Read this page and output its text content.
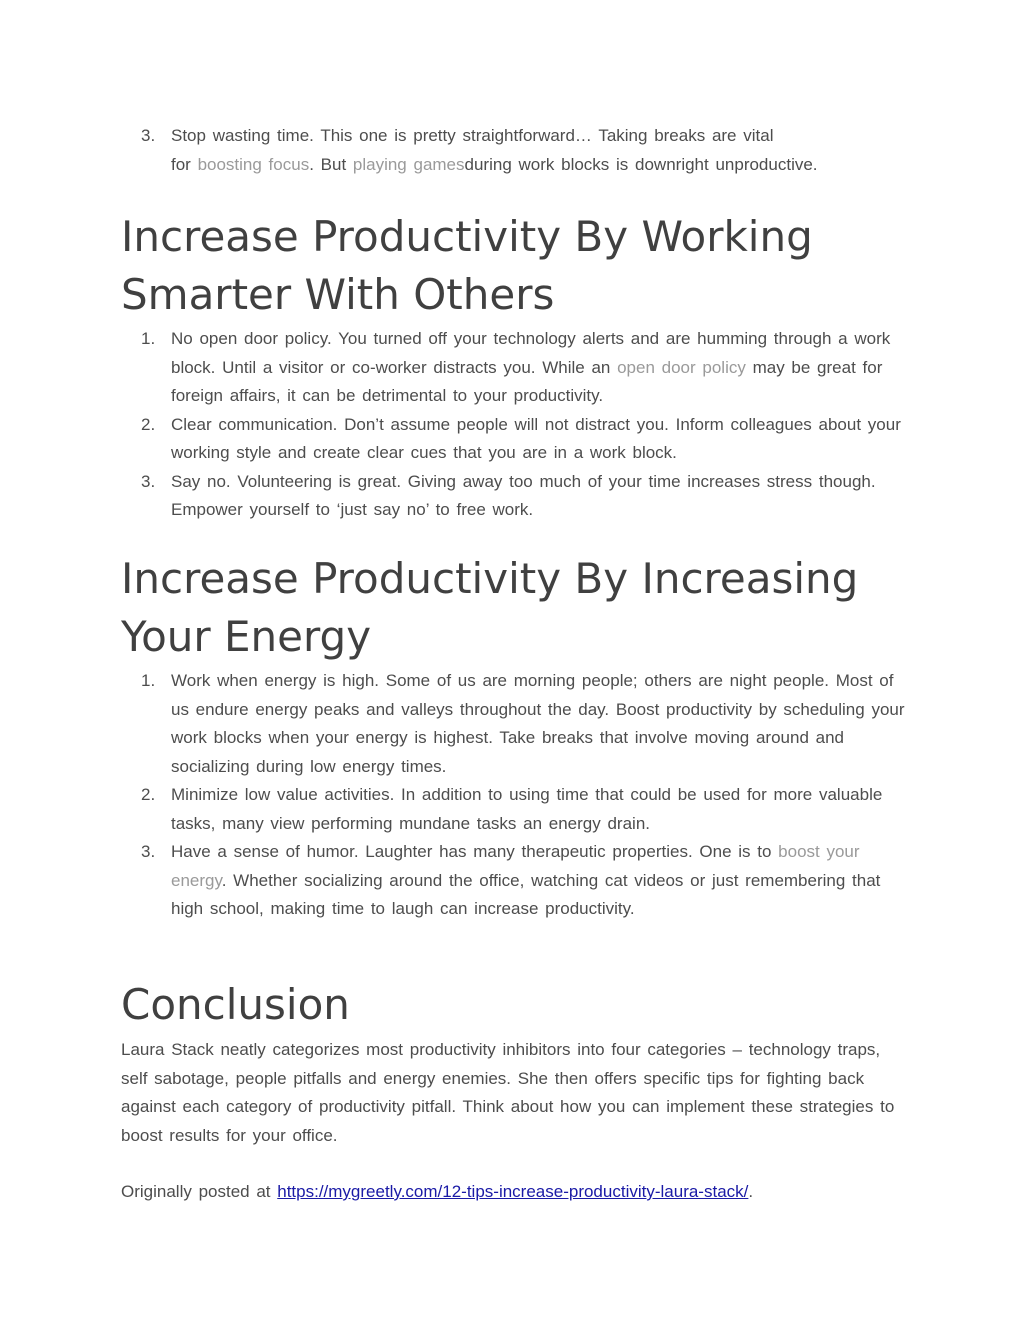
3. Stop wasting time. This one is pretty straightforward… Taking breaks are vital
for boosting focus. But playing gamesduring work blocks is downright unproductive.
Increase Productivity By Working
Smarter With Others
1. No open door policy. You turned off your technology alerts and are humming through a work block. Until a visitor or co-worker distracts you. While an open door policy may be great for foreign affairs, it can be detrimental to your productivity.
2. Clear communication. Don’t assume people will not distract you. Inform colleagues about your working style and create clear cues that you are in a work block.
3. Say no. Volunteering is great. Giving away too much of your time increases stress though. Empower yourself to ‘just say no’ to free work.
Increase Productivity By Increasing
Your Energy
1. Work when energy is high. Some of us are morning people; others are night people. Most of us endure energy peaks and valleys throughout the day. Boost productivity by scheduling your work blocks when your energy is highest. Take breaks that involve moving around and socializing during low energy times.
2. Minimize low value activities. In addition to using time that could be used for more valuable tasks, many view performing mundane tasks an energy drain.
3. Have a sense of humor. Laughter has many therapeutic properties. One is to boost your energy. Whether socializing around the office, watching cat videos or just remembering that high school, making time to laugh can increase productivity.
Conclusion

Laura Stack neatly categorizes most productivity inhibitors into four categories – technology traps, self sabotage, people pitfalls and energy enemies. She then offers specific tips for fighting back against each category of productivity pitfall. Think about how you can implement these strategies to boost results for your office.

Originally posted at https://mygreetly.com/12-tips-increase-productivity-laura-stack/.
